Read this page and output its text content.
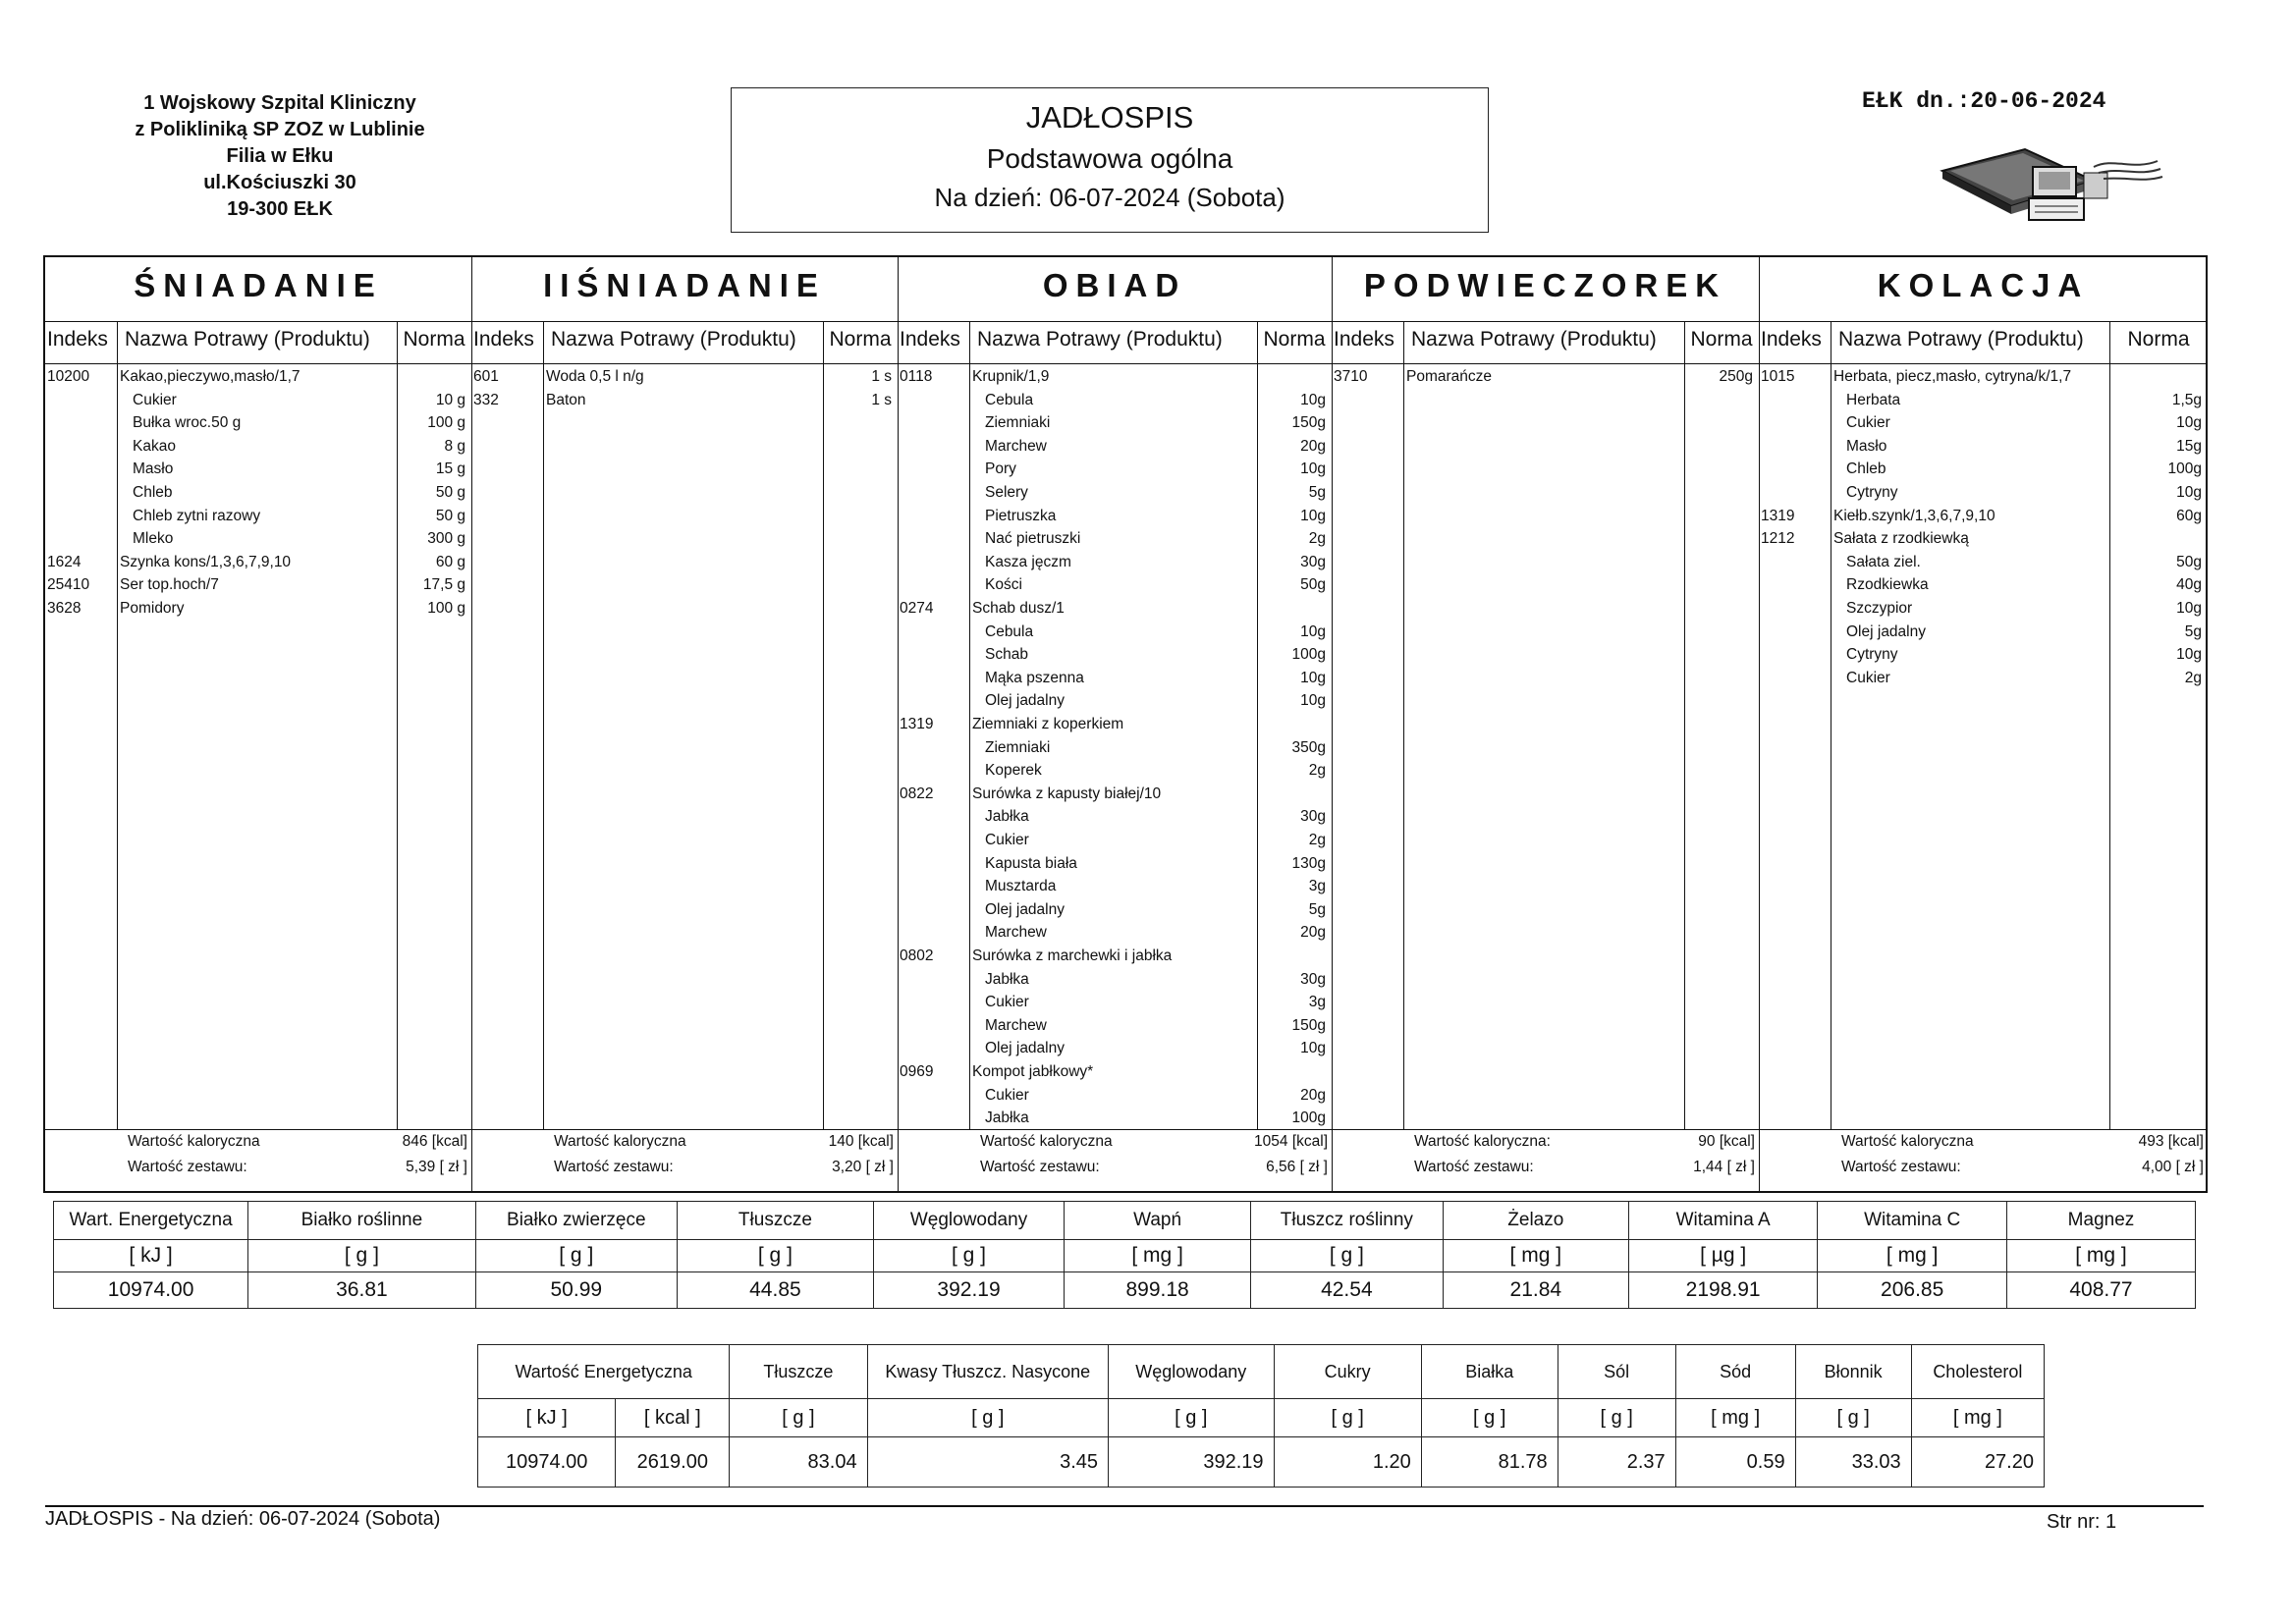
1 Wojskowy Szpital Kliniczny
z Polikliniką SP ZOZ w Lublinie
Filia w Ełku
ul.Kościuszki 30
19-300 EŁK
JADŁOSPIS
Podstawowa ogólna
Na dzień: 06-07-2024 (Sobota)
EŁK dn.:20-06-2024
ŚNIADANIE
Indeks Nazwa Potrawy (Produktu) Norma
10200 Kakao,pieczywo,masło/1,7
Cukier	10 g
Bułka wroc.50 g	100 g
Kakao	8 g
Masło	15 g
Chleb	50 g
Chleb zytni razowy	50 g
Mleko	300 g
1624	Szynka kons/1,3,6,7,9,10	60 g
25410 Ser top.hoch/7	17,5 g
3628	Pomidory	100 g
Wartość kaloryczna	846 [kcal]
Wartość zestawu:	5,39 [ zł ]
IIŚNIADANIE
Indeks Nazwa Potrawy (Produktu) Norma
601	Woda 0,5 l n/g	1 s
332	Baton	1 s
Wartość kaloryczna	140 [kcal]
Wartość zestawu:	3,20 [ zł ]
OBIAD
Indeks Nazwa Potrawy (Produktu) Norma
0118	Krupnik/1,9
Cebula	10g
Ziemniaki	150g
Marchew	20g
Pory	10g
Selery	5g
Pietruszka	10g
Nać pietruszki	2g
Kasza jęczm	30g
Kości	50g
0274	Schab dusz/1
Cebula	10g
Schab	100g
Mąka pszenna	10g
Olej jadalny	10g
1319	Ziemniaki z koperkiem
Ziemniaki	350g
Koperek	2g
0822	Surówka z kapusty białej/10
Jabłka	30g
Cukier	2g
Kapusta biała	130g
Musztarda	3g
Olej jadalny	5g
Marchew	20g
0802	Surówka z marchewki i jabłka
Jabłka	30g
Cukier	3g
Marchew	150g
Olej jadalny	10g
0969	Kompot jabłkowy*
Cukier	20g
Jabłka	100g
Wartość kaloryczna	1054 [kcal]
Wartość zestawu:	6,56 [ zł ]
PODWIECZOREK
Indeks Nazwa Potrawy (Produktu) Norma
3710	Pomarańcze	250g
Wartość kaloryczna:	90 [kcal]
Wartość zestawu:	1,44 [ zł ]
KOLACJA
Indeks Nazwa Potrawy (Produktu)	Norma
1015	Herbata, piecz,masło, cytryna/k/1,7
Herbata	1,5g
Cukier	10g
Masło	15g
Chleb	100g
Cytryny	10g
1319	Kiełb.szynk/1,3,6,7,9,10	60g
1212	Sałata z rzodkiewką
Sałata ziel.	50g
Rzodkiewka	40g
Szczypior	10g
Olej jadalny	5g
Cytryny	10g
Cukier	2g
Wartość kaloryczna	493 [kcal]
Wartość zestawu:	4,00 [ zł ]
Wart. Energetyczna	Białko roślinne	Białko zwierzęce	Tłuszcze	Węglowodany	Wapń	Tłuszcz roślinny	Żelazo	Witamina A	Witamina C	Magnez
[ kJ ]	[ g ]	[ g ]	[ g ]	[ g ]	[ mg ]	[ g ]	[ mg ]	[ µg ]	[ mg ]	[ mg ]
10974.00	36.81	50.99	44.85	392.19	899.18	42.54	21.84	2198.91	206.85	408.77
Wartość Energetyczna		Tłuszcze	Kwasy Tłuszcz. Nasycone	Węglowodany	Cukry	Białka	Sól	Sód	Błonnik	Cholesterol
[ kJ ]	[ kcal ]	[ g ]	[ g ]	[ g ]	[ g ]	[ g ]	[ g ]	[ mg ]	[ g ]	[ mg ]
10974.00	2619.00	83.04	3.45	392.19	1.20	81.78	2.37	0.59	33.03	27.20
JADŁOSPIS - Na dzień: 06-07-2024 (Sobota)	Str nr: 1
